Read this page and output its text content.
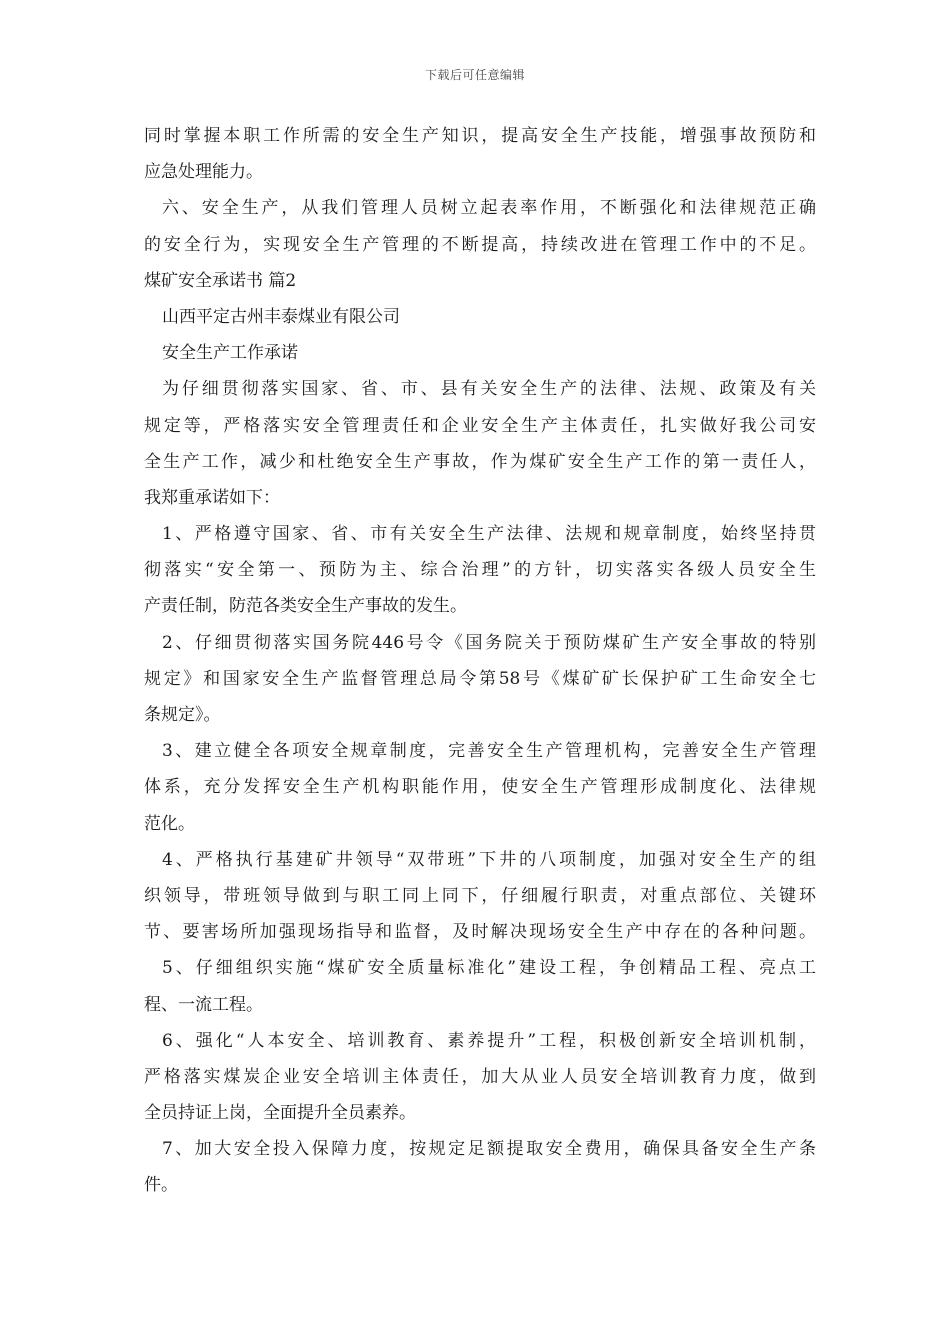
下载后可任意编辑
同时掌握本职工作所需的安全生产知识，提高安全生产技能，增强事故预防和
应急处理能力。
六、安全生产，从我们管理人员树立起表率作用，不断强化和法律规范正确
的安全行为，实现安全生产管理的不断提高，持续改进在管理工作中的不足。
煤矿安全承诺书 篇2
山西平定古州丰泰煤业有限公司
安全生产工作承诺
为仔细贯彻落实国家、省、市、县有关安全生产的法律、法规、政策及有关
规定等，严格落实安全管理责任和企业安全生产主体责任，扎实做好我公司安
全生产工作，减少和杜绝安全生产事故，作为煤矿安全生产工作的第一责任人，
我郑重承诺如下：
1、严格遵守国家、省、市有关安全生产法律、法规和规章制度，始终坚持贯
彻落实“安全第一、预防为主、综合治理”的方针，切实落实各级人员安全生
产责任制，防范各类安全生产事故的发生。
2、仔细贯彻落实国务院446号令《国务院关于预防煤矿生产安全事故的特别
规定》和国家安全生产监督管理总局令第58号《煤矿矿长保护矿工生命安全七
条规定》。
3、建立健全各项安全规章制度，完善安全生产管理机构，完善安全生产管理
体系，充分发挥安全生产机构职能作用，使安全生产管理形成制度化、法律规
范化。
4、严格执行基建矿井领导“双带班”下井的八项制度，加强对安全生产的组
织领导，带班领导做到与职工同上同下，仔细履行职责，对重点部位、关键环
节、要害场所加强现场指导和监督，及时解决现场安全生产中存在的各种问题。
5、仔细组织实施“煤矿安全质量标准化”建设工程，争创精品工程、亮点工
程、一流工程。
6、强化“人本安全、培训教育、素养提升”工程，积极创新安全培训机制，
严格落实煤炭企业安全培训主体责任，加大从业人员安全培训教育力度，做到
全员持证上岗，全面提升全员素养。
7、加大安全投入保障力度，按规定足额提取安全费用，确保具备安全生产条
件。
